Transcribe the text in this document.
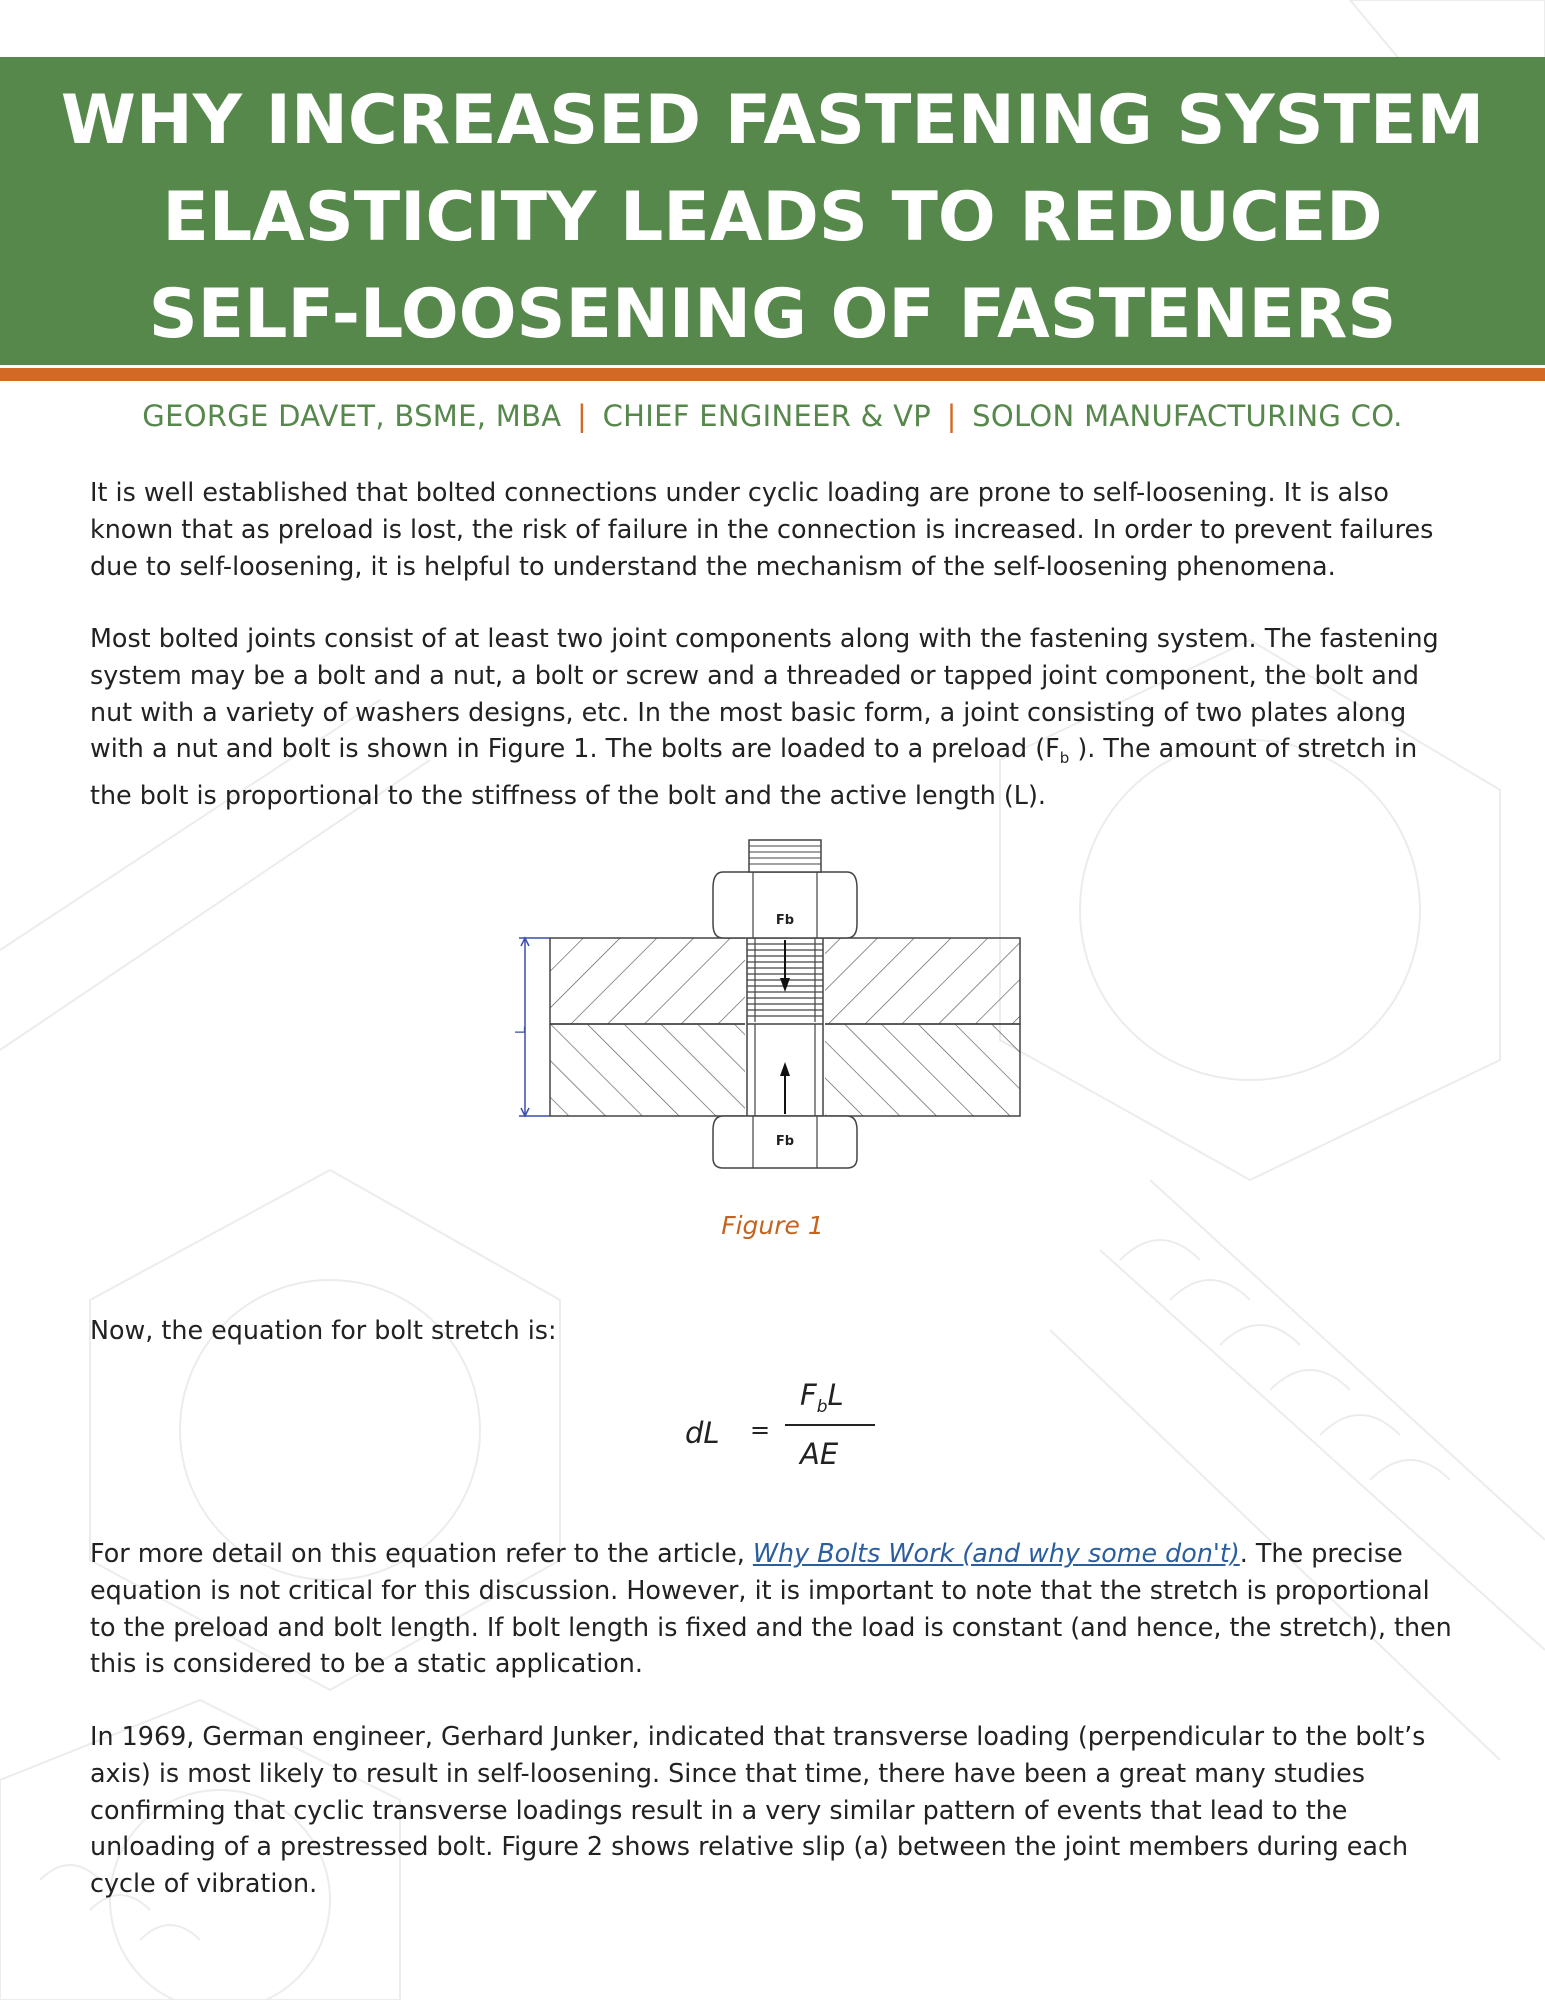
WHY INCREASED FASTENING SYSTEM
ELASTICITY LEADS TO REDUCED
SELF-LOOSENING OF FASTENERS
GEORGE DAVET, BSME, MBA | CHIEF ENGINEER & VP | SOLON MANUFACTURING CO.
It is well established that bolted connections under cyclic loading are prone to self-loosening. It is also known that as preload is lost, the risk of failure in the connection is increased. In order to prevent failures due to self-loosening, it is helpful to understand the mechanism of the self-loosening phenomena.
Most bolted joints consist of at least two joint components along with the fastening system. The fastening system may be a bolt and a nut, a bolt or screw and a threaded or tapped joint component, the bolt and nut with a variety of washers designs, etc. In the most basic form, a joint consisting of two plates along with a nut and bolt is shown in Figure 1. The bolts are loaded to a preload ($F_b$ ). The amount of stretch in the bolt is proportional to the stiffness of the bolt and the active length (L).
Fb
Fb
L
Figure 1
Now, the equation for bolt stretch is:
dL =
$F_bL$
AE
For more detail on this equation refer to the article, Why Bolts Work (and why some don't). The precise equation is not critical for this discussion. However, it is important to note that the stretch is proportional to the preload and bolt length. If bolt length is fixed and the load is constant (and hence, the stretch), then this is considered to be a static application.
In 1969, German engineer, Gerhard Junker, indicated that transverse loading (perpendicular to the bolt’s axis) is most likely to result in self-loosening. Since that time, there have been a great many studies confirming that cyclic transverse loadings result in a very similar pattern of events that lead to the unloading of a prestressed bolt. Figure 2 shows relative slip (a) between the joint members during each cycle of vibration.
